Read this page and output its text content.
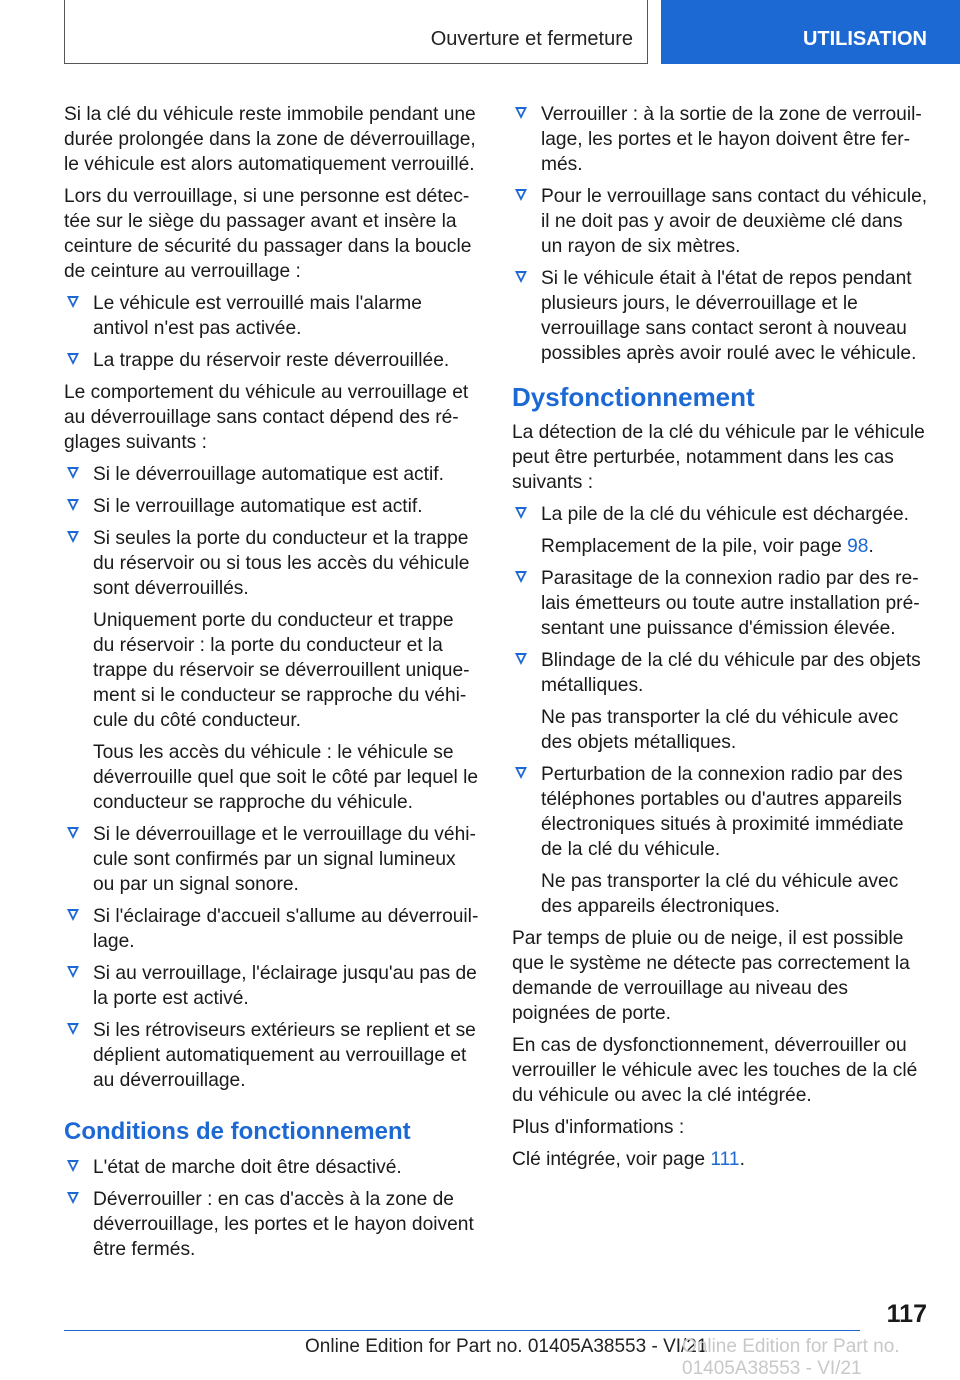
Ouverture et fermeture	UTILISATION

Si la clé du véhicule reste immobile pendant une durée prolongée dans la zone de déverrouillage, le véhicule est alors automatiquement verrouillé.

Lors du verrouillage, si une personne est détectée sur le siège du passager avant et insère la ceinture de sécurité du passager dans la boucle de ceinture au verrouillage :

Le véhicule est verrouillé mais l'alarme antivol n'est pas activée.
La trappe du réservoir reste déverrouillée.

Le comportement du véhicule au verrouillage et au déverrouillage sans contact dépend des réglages suivants :

Si le déverrouillage automatique est actif.
Si le verrouillage automatique est actif.
Si seules la porte du conducteur et la trappe du réservoir ou si tous les accès du véhicule sont déverrouillés.

Uniquement porte du conducteur et trappe du réservoir : la porte du conducteur et la trappe du réservoir se déverrouillent uniquement si le conducteur se rapproche du véhicule du côté conducteur.

Tous les accès du véhicule : le véhicule se déverrouille quel que soit le côté par lequel le conducteur se rapproche du véhicule.

Si le déverrouillage et le verrouillage du véhicule sont confirmés par un signal lumineux ou par un signal sonore.
Si l'éclairage d'accueil s'allume au déverrouillage.
Si au verrouillage, l'éclairage jusqu'au pas de la porte est activé.
Si les rétroviseurs extérieurs se replient et se déplient automatiquement au verrouillage et au déverrouillage.
Conditions de fonctionnement
L'état de marche doit être désactivé.
Déverrouiller : en cas d'accès à la zone de déverrouillage, les portes et le hayon doivent être fermés.
Verrouiller : à la sortie de la zone de verrouillage, les portes et le hayon doivent être fermés.
Pour le verrouillage sans contact du véhicule, il ne doit pas y avoir de deuxième clé dans un rayon de six mètres.
Si le véhicule était à l'état de repos pendant plusieurs jours, le déverrouillage et le verrouillage sans contact seront à nouveau possibles après avoir roulé avec le véhicule.
Dysfonctionnement

La détection de la clé du véhicule par le véhicule peut être perturbée, notamment dans les cas suivants :

La pile de la clé du véhicule est déchargée.

Remplacement de la pile, voir page 98.

Parasitage de la connexion radio par des relais émetteurs ou toute autre installation présentant une puissance d'émission élevée.
Blindage de la clé du véhicule par des objets métalliques.

Ne pas transporter la clé du véhicule avec des objets métalliques.

Perturbation de la connexion radio par des téléphones portables ou d'autres appareils électroniques situés à proximité immédiate de la clé du véhicule.

Ne pas transporter la clé du véhicule avec des appareils électroniques.

Par temps de pluie ou de neige, il est possible que le système ne détecte pas correctement la demande de verrouillage au niveau des poignées de porte.

En cas de dysfonctionnement, déverrouiller ou verrouiller le véhicule avec les touches de la clé du véhicule ou avec la clé intégrée.

Plus d'informations :

Clé intégrée, voir page 111.

117
Online Edition for Part no. 01405A38553 - VI/21
Online Edition for Part no. 01405A38553 - VI/21
